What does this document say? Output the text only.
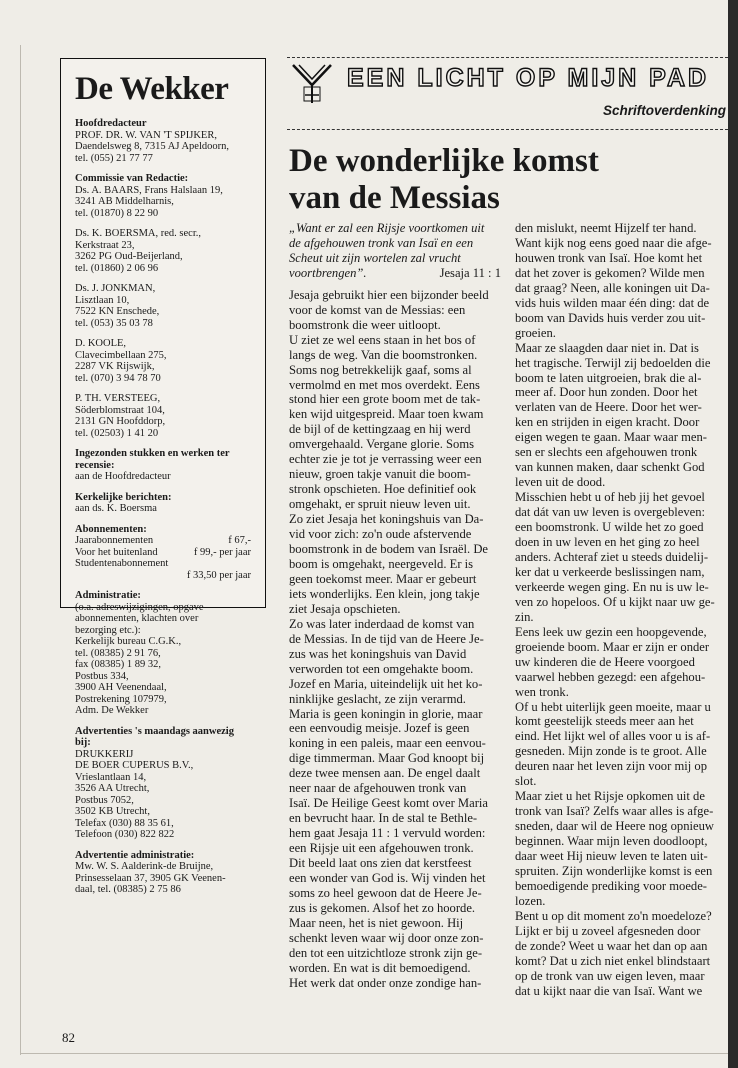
De Wekker
Hoofdredacteur
PROF. DR. W. VAN 'T SPIJKER,
Daendelsweg 8, 7315 AJ Apeldoorn,
tel. (055) 21 77 77
Commissie van Redactie:
Ds. A. BAARS, Frans Halslaan 19,
3241 AB Middelharnis,
tel. (01870) 8 22 90
Ds. K. BOERSMA, red. secr.,
Kerkstraat 23,
3262 PG Oud-Beijerland,
tel. (01860) 2 06 96
Ds. J. JONKMAN,
Lisztlaan 10,
7522 KN Enschede,
tel. (053) 35 03 78
D. KOOLE,
Clavecimbellaan 275,
2287 VK Rijswijk,
tel. (070) 3 94 78 70
P. TH. VERSTEEG,
Söderblomstraat 104,
2131 GN Hoofddorp,
tel. (02503) 1 41 20
Ingezonden stukken en werken ter recensie:
aan de Hoofdredacteur
Kerkelijke berichten:
aan ds. K. Boersma
Abonnementen:
Jaarabonnementen	f 67,-
Voor het buitenland	f 99,- per jaar
Studentenabonnement
f 33,50 per jaar
Administratie:
(o.a. adreswijzigingen, opgave
abonnementen, klachten over
bezorging etc.):
Kerkelijk bureau C.G.K.,
tel. (08385) 2 91 76,
fax (08385) 1 89 32,
Postbus 334,
3900 AH Veenendaal,
Postrekening 107979,
Adm. De Wekker
Advertenties 's maandags aanwezig bij:
DRUKKERIJ
DE BOER CUPERUS B.V.,
Vrieslantlaan 14,
3526 AA Utrecht,
Postbus 7052,
3502 KB Utrecht,
Telefax (030) 88 35 61,
Telefoon (030) 822 822
Advertentie administratie:
Mw. W. S. Aalderink-de Bruijne,
Prinsesselaan 37, 3905 GK Veenen-
daal, tel. (08385) 2 75 86
EEN LICHT OP MIJN PAD
Schriftoverdenking
De wonderlijke komst
van de Messias
„Want er zal een Rijsje voortkomen uit
de afgehouwen tronk van Isaï en een
Scheut uit zijn wortelen zal vrucht
voortbrengen”.	Jesaja 11 : 1
Jesaja gebruikt hier een bijzonder beeld
voor de komst van de Messias: een
boomstronk die weer uitloopt.
U ziet ze wel eens staan in het bos of
langs de weg. Van die boomstronken.
Soms nog betrekkelijk gaaf, soms al
vermolmd en met mos overdekt. Eens
stond hier een grote boom met de tak-
ken wijd uitgespreid. Maar toen kwam
de bijl of de kettingzaag en hij werd
omvergehaald. Vergane glorie. Soms
echter zie je tot je verrassing weer een
nieuw, groen takje vanuit die boom-
stronk opschieten. Hoe definitief ook
omgehakt, er spruit nieuw leven uit.
Zo ziet Jesaja het koningshuis van Da-
vid voor zich: zo'n oude afstervende
boomstronk in de bodem van Israël. De
boom is omgehakt, neergeveld. Er is
geen toekomst meer. Maar er gebeurt
iets wonderlijks. Een klein, jong takje
ziet Jesaja opschieten.
Zo was later inderdaad de komst van
de Messias. In de tijd van de Heere Je-
zus was het koningshuis van David
verworden tot een omgehakte boom.
Jozef en Maria, uiteindelijk uit het ko-
ninklijke geslacht, ze zijn verarmd.
Maria is geen koningin in glorie, maar
een eenvoudig meisje. Jozef is geen
koning in een paleis, maar een eenvou-
dige timmerman. Maar God knoopt bij
deze twee mensen aan. De engel daalt
neer naar de afgehouwen tronk van
Isaï. De Heilige Geest komt over Maria
en bevrucht haar. In de stal te Bethle-
hem gaat Jesaja 11 : 1 vervuld worden:
een Rijsje uit een afgehouwen tronk.
Dit beeld laat ons zien dat kerstfeest
een wonder van God is. Wij vinden het
soms zo heel gewoon dat de Heere Je-
zus is gekomen. Alsof het zo hoorde.
Maar neen, het is niet gewoon. Hij
schenkt leven waar wij door onze zon-
den tot een uitzichtloze stronk zijn ge-
worden. En wat is dit bemoedigend.
Het werk dat onder onze zondige han-
den mislukt, neemt Hijzelf ter hand.
Want kijk nog eens goed naar die afge-
houwen tronk van Isaï. Hoe komt het
dat het zover is gekomen? Wilde men
dat graag? Neen, alle koningen uit Da-
vids huis wilden maar één ding: dat de
boom van Davids huis verder zou uit-
groeien.
Maar ze slaagden daar niet in. Dat is
het tragische. Terwijl zij bedoelden die
boom te laten uitgroeien, brak die al-
meer af. Door hun zonden. Door het
verlaten van de Heere. Door het wer-
ken en strijden in eigen kracht. Door
eigen wegen te gaan. Maar waar men-
sen er slechts een afgehouwen tronk
van kunnen maken, daar schenkt God
leven uit de dood.
Misschien hebt u of heb jij het gevoel
dat dát van uw leven is overgebleven:
een boomstronk. U wilde het zo goed
doen in uw leven en het ging zo heel
anders. Achteraf ziet u steeds duidelij-
ker dat u verkeerde beslissingen nam,
verkeerde wegen ging. En nu is uw le-
ven zo hopeloos. Of u kijkt naar uw ge-
zin.
Eens leek uw gezin een hoopgevende,
groeiende boom. Maar er zijn er onder
uw kinderen die de Heere voorgoed
vaarwel hebben gezegd: een afgehou-
wen tronk.
Of u hebt uiterlijk geen moeite, maar u
komt geestelijk steeds meer aan het
eind. Het lijkt wel of alles voor u is af-
gesneden. Mijn zonde is te groot. Alle
deuren naar het leven zijn voor mij op
slot.
Maar ziet u het Rijsje opkomen uit de
tronk van Isaï? Zelfs waar alles is afge-
sneden, daar wil de Heere nog opnieuw
beginnen. Waar mijn leven doodloopt,
daar weet Hij nieuw leven te laten uit-
spruiten. Zijn wonderlijke komst is een
bemoedigende prediking voor moede-
lozen.
Bent u op dit moment zo'n moedeloze?
Lijkt er bij u zoveel afgesneden door
de zonde? Weet u waar het dan op aan
komt? Dat u zich niet enkel blindstaart
op de tronk van uw eigen leven, maar
dat u kijkt naar die van Isaï. Want we
82
